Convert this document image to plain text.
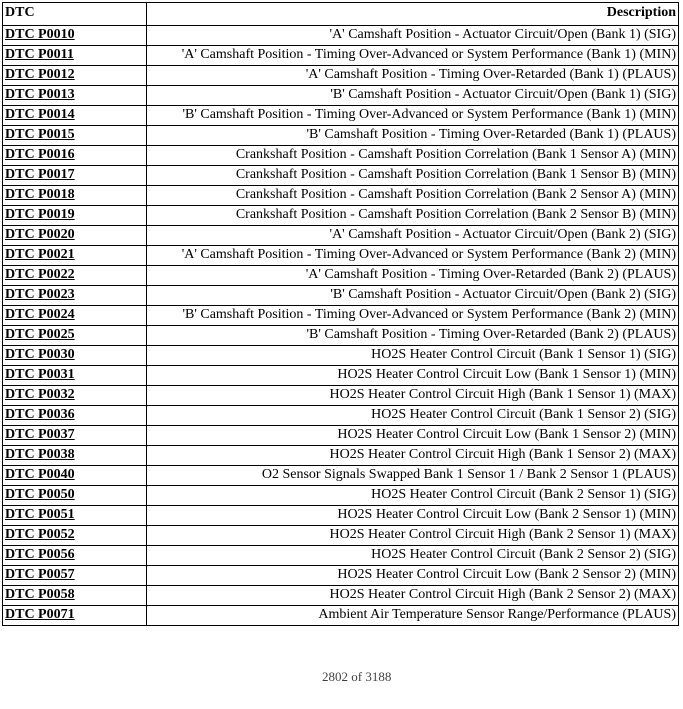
DTC	Description
DTC P0010	'A' Camshaft Position - Actuator Circuit/Open (Bank 1) (SIG)
DTC P0011	'A' Camshaft Position - Timing Over-Advanced or System Performance (Bank 1) (MIN)
DTC P0012	'A' Camshaft Position - Timing Over-Retarded (Bank 1) (PLAUS)
DTC P0013	'B' Camshaft Position - Actuator Circuit/Open (Bank 1) (SIG)
DTC P0014	'B' Camshaft Position - Timing Over-Advanced or System Performance (Bank 1) (MIN)
DTC P0015	'B' Camshaft Position - Timing Over-Retarded (Bank 1) (PLAUS)
DTC P0016	Crankshaft Position - Camshaft Position Correlation (Bank 1 Sensor A) (MIN)
DTC P0017	Crankshaft Position - Camshaft Position Correlation (Bank 1 Sensor B) (MIN)
DTC P0018	Crankshaft Position - Camshaft Position Correlation (Bank 2 Sensor A) (MIN)
DTC P0019	Crankshaft Position - Camshaft Position Correlation (Bank 2 Sensor B) (MIN)
DTC P0020	'A' Camshaft Position - Actuator Circuit/Open (Bank 2) (SIG)
DTC P0021	'A' Camshaft Position - Timing Over-Advanced or System Performance (Bank 2) (MIN)
DTC P0022	'A' Camshaft Position - Timing Over-Retarded (Bank 2) (PLAUS)
DTC P0023	'B' Camshaft Position - Actuator Circuit/Open (Bank 2) (SIG)
DTC P0024	'B' Camshaft Position - Timing Over-Advanced or System Performance (Bank 2) (MIN)
DTC P0025	'B' Camshaft Position - Timing Over-Retarded (Bank 2) (PLAUS)
DTC P0030	HO2S Heater Control Circuit (Bank 1 Sensor 1) (SIG)
DTC P0031	HO2S Heater Control Circuit Low (Bank 1 Sensor 1) (MIN)
DTC P0032	HO2S Heater Control Circuit High (Bank 1 Sensor 1) (MAX)
DTC P0036	HO2S Heater Control Circuit (Bank 1 Sensor 2) (SIG)
DTC P0037	HO2S Heater Control Circuit Low (Bank 1 Sensor 2) (MIN)
DTC P0038	HO2S Heater Control Circuit High (Bank 1 Sensor 2) (MAX)
DTC P0040	O2 Sensor Signals Swapped Bank 1 Sensor 1 / Bank 2 Sensor 1 (PLAUS)
DTC P0050	HO2S Heater Control Circuit (Bank 2 Sensor 1) (SIG)
DTC P0051	HO2S Heater Control Circuit Low (Bank 2 Sensor 1) (MIN)
DTC P0052	HO2S Heater Control Circuit High (Bank 2 Sensor 1) (MAX)
DTC P0056	HO2S Heater Control Circuit (Bank 2 Sensor 2) (SIG)
DTC P0057	HO2S Heater Control Circuit Low (Bank 2 Sensor 2) (MIN)
DTC P0058	HO2S Heater Control Circuit High (Bank 2 Sensor 2) (MAX)
DTC P0071	Ambient Air Temperature Sensor Range/Performance (PLAUS)
2802 of 3188
